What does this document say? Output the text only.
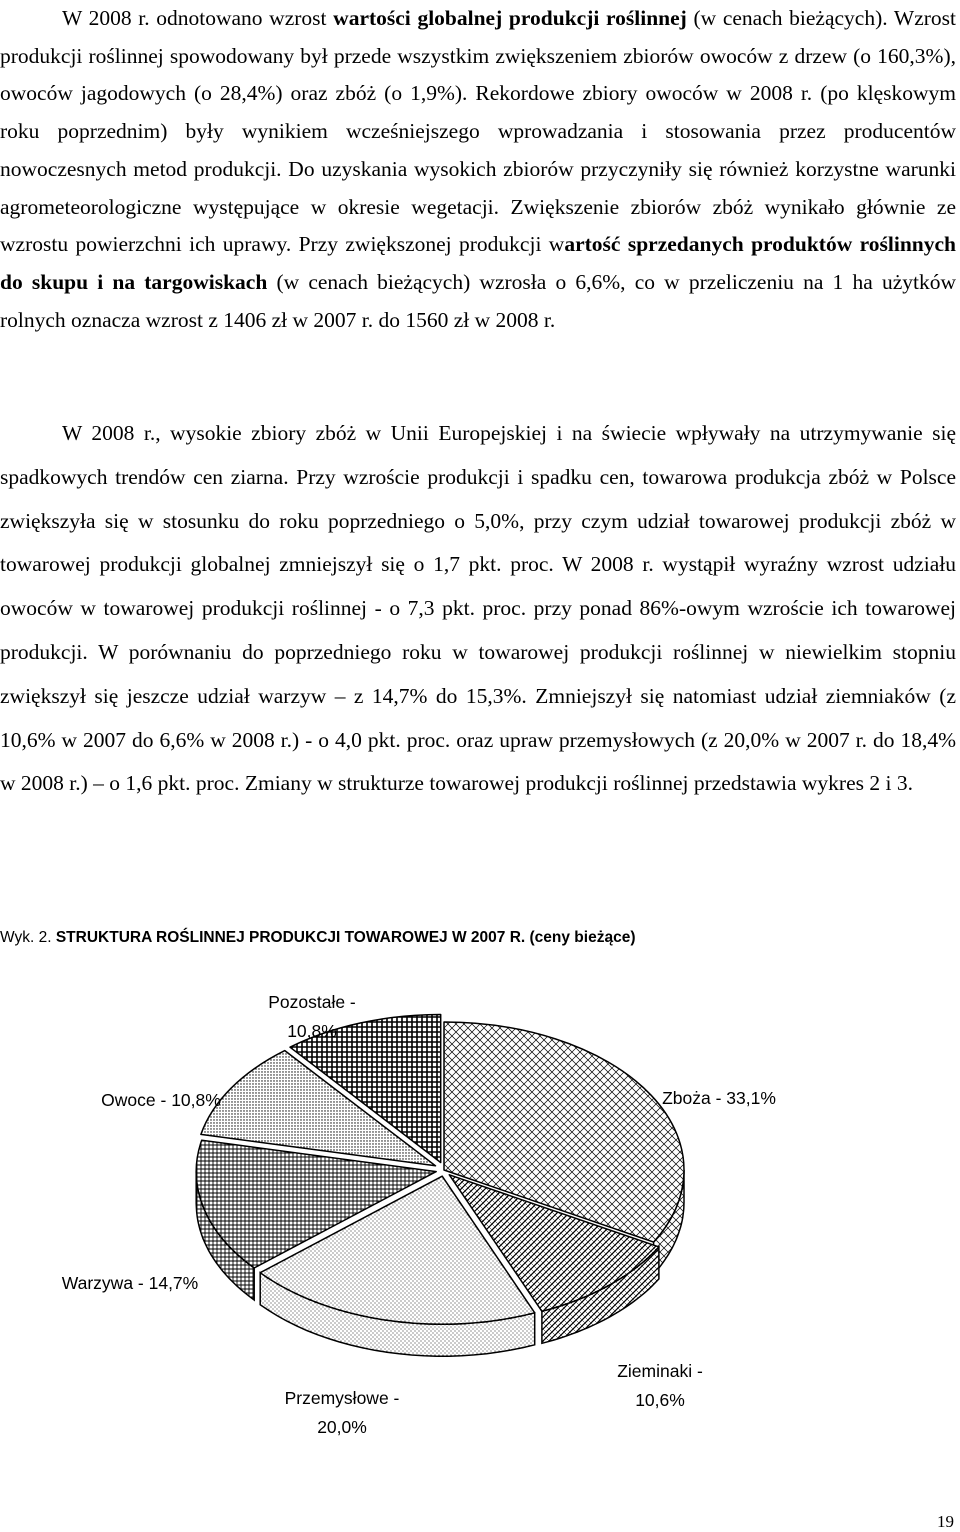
W 2008 r. odnotowano wzrost wartości globalnej produkcji roślinnej (w cenach bieżących). Wzrost produkcji roślinnej spowodowany był przede wszystkim zwiększeniem zbiorów owoców z drzew (o 160,3%), owoców jagodowych (o 28,4%) oraz zbóż (o 1,9%). Rekordowe zbiory owoców w 2008 r. (po klęskowym roku poprzednim) były wynikiem wcześniejszego wprowadzania i stosowania przez producentów nowoczesnych metod produkcji. Do uzyskania wysokich zbiorów przyczyniły się również korzystne warunki agrometeorologiczne występujące w okresie wegetacji. Zwiększenie zbiorów zbóż wynikało głównie ze wzrostu powierzchni ich uprawy. Przy zwiększonej produkcji wartość sprzedanych produktów roślinnych do skupu i na targowiskach (w cenach bieżących) wzrosła o 6,6%, co w przeliczeniu na 1 ha użytków rolnych oznacza wzrost z 1406 zł w 2007 r. do 1560 zł w 2008 r.
W 2008 r., wysokie zbiory zbóż w Unii Europejskiej i na świecie wpływały na utrzymywanie się spadkowych trendów cen ziarna. Przy wzroście produkcji i spadku cen, towarowa produkcja zbóż w Polsce zwiększyła się w stosunku do roku poprzedniego o 5,0%, przy czym udział towarowej produkcji zbóż w towarowej produkcji globalnej zmniejszył się o 1,7 pkt. proc. W 2008 r. wystąpił wyraźny wzrost udziału owoców w towarowej produkcji roślinnej - o 7,3 pkt. proc. przy ponad 86%-owym wzroście ich towarowej produkcji. W porównaniu do poprzedniego roku w towarowej produkcji roślinnej w niewielkim stopniu zwiększył się jeszcze udział warzyw – z 14,7% do 15,3%. Zmniejszył się natomiast udział ziemniaków (z 10,6% w 2007 do 6,6% w 2008 r.) - o 4,0 pkt. proc. oraz upraw przemysłowych (z 20,0% w 2007 r. do 18,4% w 2008 r.) – o 1,6 pkt. proc. Zmiany w strukturze towarowej produkcji roślinnej przedstawia wykres 2 i 3.
Wyk. 2. STRUKTURA ROŚLINNEJ PRODUKCJI TOWAROWEJ W 2007 R. (ceny bieżące)
Zboża - 33,1%
Zieminaki -
10,6%
Przemysłowe -
20,0%
Warzywa - 14,7%
Owoce - 10,8%
Pozostałe -
10,8%
19
